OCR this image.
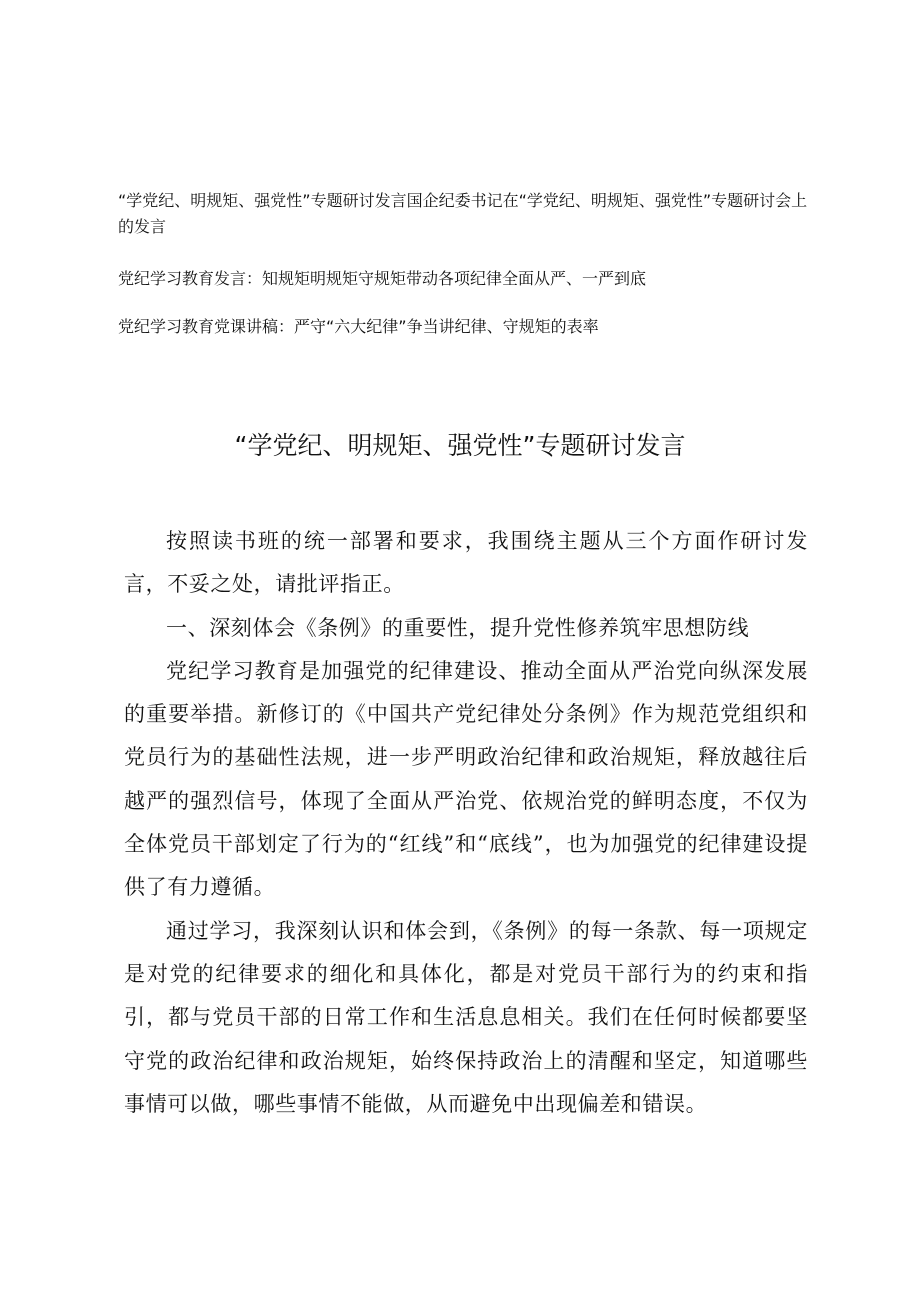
“学党纪、明规矩、强党性”专题研讨发言国企纪委书记在“学党纪、明规矩、强党性”专题研讨会上的发言

党纪学习教育发言：知规矩明规矩守规矩带动各项纪律全面从严、一严到底

党纪学习教育党课讲稿：严守“六大纪律”争当讲纪律、守规矩的表率

“学党纪、明规矩、强党性”专题研讨发言

按照读书班的统一部署和要求，我围绕主题从三个方面作研讨发言，不妥之处，请批评指正。

一、深刻体会《条例》的重要性，提升党性修养筑牢思想防线

党纪学习教育是加强党的纪律建设、推动全面从严治党向纵深发展的重要举措。新修订的《中国共产党纪律处分条例》作为规范党组织和党员行为的基础性法规，进一步严明政治纪律和政治规矩，释放越往后越严的强烈信号，体现了全面从严治党、依规治党的鲜明态度，不仅为全体党员干部划定了行为的“红线”和“底线”，也为加强党的纪律建设提供了有力遵循。

通过学习，我深刻认识和体会到，《条例》的每一条款、每一项规定是对党的纪律要求的细化和具体化，都是对党员干部行为的约束和指引，都与党员干部的日常工作和生活息息相关。我们在任何时候都要坚守党的政治纪律和政治规矩，始终保持政治上的清醒和坚定，知道哪些事情可以做，哪些事情不能做，从而避免中出现偏差和错误。
